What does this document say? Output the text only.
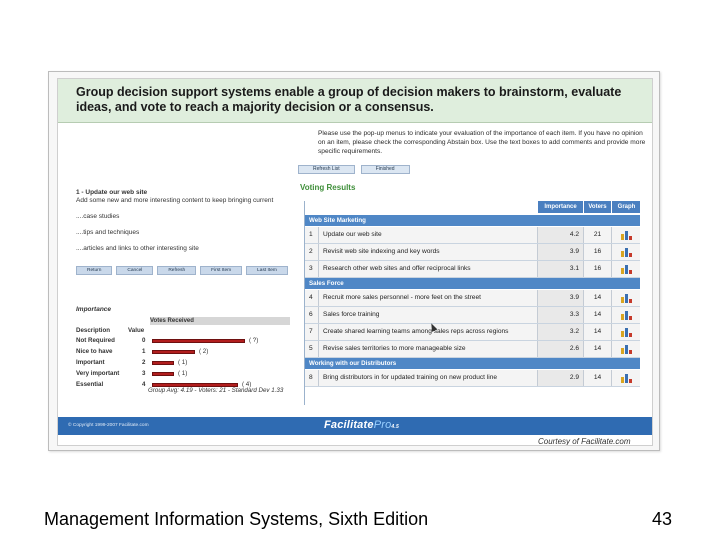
Group decision support systems enable a group of decision makers to brainstorm, evaluate ideas, and vote to reach a majority decision or a consensus.
1 - Update our web site
Add some new and more interesting content to keep bringing current
....case studies
....tips and techniques
....articles and links to other interesting site
Return	Cancel	Refresh	First Item	Last Item
Importance
Votes Received
Description	Value
Not Required	0	( ?)
Nice to have	1	( 2)
Important	2	( 1)
Very important	3	( 1)
Essential	4	( 4)
Group Avg: 4.19 - Voters: 21 - Standard Dev 1.33
Please use the pop-up menus to indicate your evaluation of the importance of each item. If you have no opinion on an item, please check the corresponding Abstain box. Use the text boxes to add comments and provide more specific requirements.
Refresh List	Finished
Voting Results
Importance	Voters	Graph
Web Site Marketing
1 Update our web site	4.2	21
2 Revisit web site indexing and key words	3.9	16
3 Research other web sites and offer reciprocal links	3.1	16
Sales Force
4 Recruit more sales personnel - more feet on the street	3.9	14
6 Sales force training	3.3	14
7 Create shared learning teams among sales reps across regions	3.2	14
5 Revise sales territories to more manageable size	2.6	14
Working with our Distributors
8 Bring distributors in for updated training on new product line	2.9	14
© Copyright 1999-2007 Facilitate.com	FacilitatePro4.5
Courtesy of Facilitate.com
Management Information Systems, Sixth Edition	43
